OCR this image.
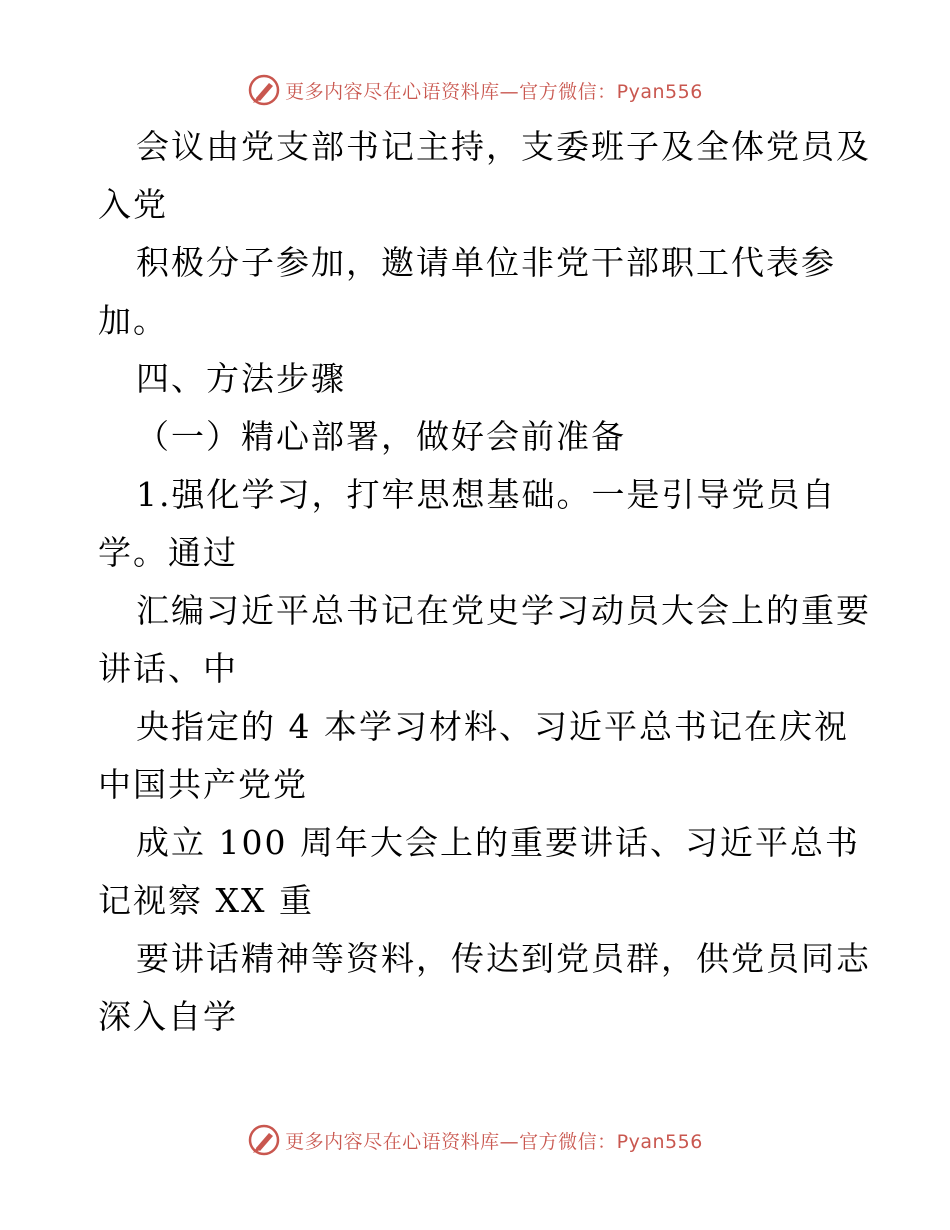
更多内容尽在心语资料库—官方微信：Pyan556
会议由党支部书记主持，支委班子及全体党员及
入党
积极分子参加，邀请单位非党干部职工代表参
加。
四、方法步骤
（一）精心部署，做好会前准备
1.强化学习，打牢思想基础。一是引导党员自
学。通过
汇编习近平总书记在党史学习动员大会上的重要
讲话、中
央指定的 4 本学习材料、习近平总书记在庆祝
中国共产党党
成立 100 周年大会上的重要讲话、习近平总书
记视察 XX 重
要讲话精神等资料，传达到党员群，供党员同志
深入自学
更多内容尽在心语资料库—官方微信：Pyan556
